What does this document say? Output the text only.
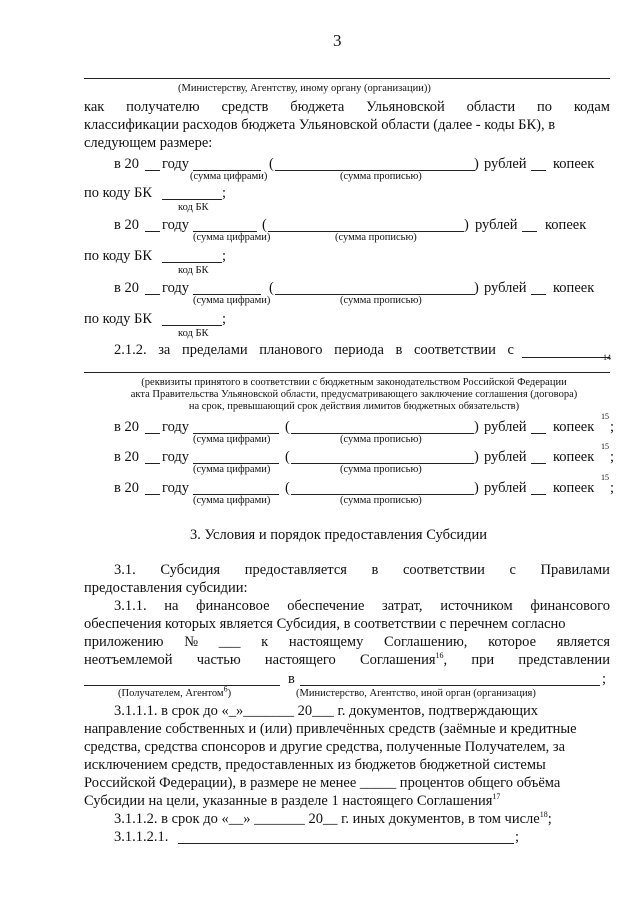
3
(Министерству, Агентству, иному органу (организации))
как получателю средств бюджета Ульяновской области по кодам
классификации расходов бюджета Ульяновской области (далее - коды БК), в
следующем размере:
в 20 году	(	) рублей копеек
(сумма цифрами)	(сумма прописью)
по коду БК	;
код БК
в 20 году	(	) рублей копеек
(сумма цифрами)	(сумма прописью)
по коду БК	;
код БК
в 20 году	(	) рублей копеек
(сумма цифрами)	(сумма прописью)
по коду БК	;
код БК
2.1.2. за пределами планового периода в соответствии с	14
(реквизиты принятого в соответствии с бюджетным законодательством Российской Федерации
акта Правительства Ульяновской области, предусматривающего заключение соглашения (договора)
на срок, превышающий срок действия лимитов бюджетных обязательств)
в 20 году	(	) рублей копеек
15
;
(сумма цифрами)	(сумма прописью)
в 20 году	(	) рублей копеек
15
;
(сумма цифрами)	(сумма прописью)
в 20 году	(	) рублей копеек
15
;
(сумма цифрами)	(сумма прописью)
3. Условия и порядок предоставления Субсидии
3.1. Субсидия предоставляется в соответствии с Правилами
предоставления субсидии:
3.1.1. на финансовое обеспечение затрат, источником финансового
обеспечения которых является Субсидия, в соответствии с перечнем согласно
приложению № ___ к настоящему Соглашению, которое является
неотъемлемой частью настоящего Соглашения$^{16}$, при представлении
в	;
(Получателем, Агентом$^6$)	(Министерство, Агентство, иной орган (организация)
3.1.1.1. в срок до «_»_______ 20___ г. документов, подтверждающих
направление собственных и (или) привлечённых средств (заёмные и кредитные
средства, средства спонсоров и другие средства, полученные Получателем, за
исключением средств, предоставленных из бюджетов бюджетной системы
Российской Федерации), в размере не менее _____ процентов общего объёма
Субсидии на цели, указанные в разделе 1 настоящего Соглашения$^{17}$
3.1.1.2. в срок до «__» _______ 20__ г. иных документов, в том числе$^{18}$;
3.1.1.2.1.	;
